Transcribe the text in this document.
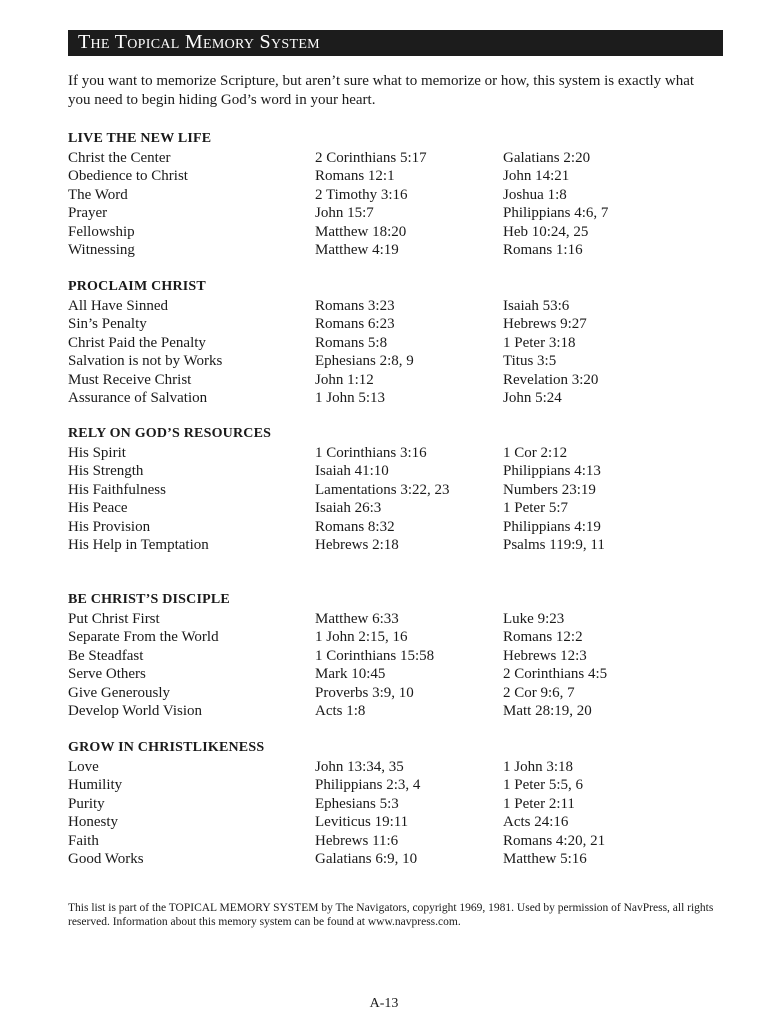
The Topical Memory System
If you want to memorize Scripture, but aren’t sure what to memorize or how, this system is exactly what you need to begin hiding God’s word in your heart.
LIVE THE NEW LIFE
Christ the Center	2 Corinthians 5:17	Galatians 2:20
Obedience to Christ	Romans 12:1	John 14:21
The Word	2 Timothy 3:16	Joshua 1:8
Prayer	John 15:7	Philippians 4:6, 7
Fellowship	Matthew 18:20	Heb 10:24, 25
Witnessing	Matthew 4:19	Romans 1:16
PROCLAIM CHRIST
All Have Sinned	Romans 3:23	Isaiah 53:6
Sin’s Penalty	Romans 6:23	Hebrews 9:27
Christ Paid the Penalty	Romans 5:8	1 Peter 3:18
Salvation is not by Works	Ephesians 2:8, 9	Titus 3:5
Must Receive Christ	John 1:12	Revelation 3:20
Assurance of Salvation	1 John 5:13	John 5:24
RELY ON GOD’S RESOURCES
His Spirit	1 Corinthians 3:16	1 Cor 2:12
His Strength	Isaiah 41:10	Philippians 4:13
His Faithfulness	Lamentations 3:22, 23	Numbers 23:19
His Peace	Isaiah 26:3	1 Peter 5:7
His Provision	Romans 8:32	Philippians 4:19
His Help in Temptation	Hebrews 2:18	Psalms 119:9, 11
BE CHRIST’S DISCIPLE
Put Christ First	Matthew 6:33	Luke 9:23
Separate From the World	1 John 2:15, 16	Romans 12:2
Be Steadfast	1 Corinthians 15:58	Hebrews 12:3
Serve Others	Mark 10:45	2 Corinthians 4:5
Give Generously	Proverbs 3:9, 10	2 Cor 9:6, 7
Develop World Vision	Acts 1:8	Matt 28:19, 20
GROW IN CHRISTLIKENESS
Love	John 13:34, 35	1 John 3:18
Humility	Philippians 2:3, 4	1 Peter 5:5, 6
Purity	Ephesians 5:3	1 Peter 2:11
Honesty	Leviticus 19:11	Acts 24:16
Faith	Hebrews 11:6	Romans 4:20, 21
Good Works	Galatians 6:9, 10	Matthew 5:16
This list is part of the TOPICAL MEMORY SYSTEM by The Navigators, copyright 1969, 1981. Used by permission of NavPress, all rights reserved. Information about this memory system can be found at www.navpress.com.
A-13
